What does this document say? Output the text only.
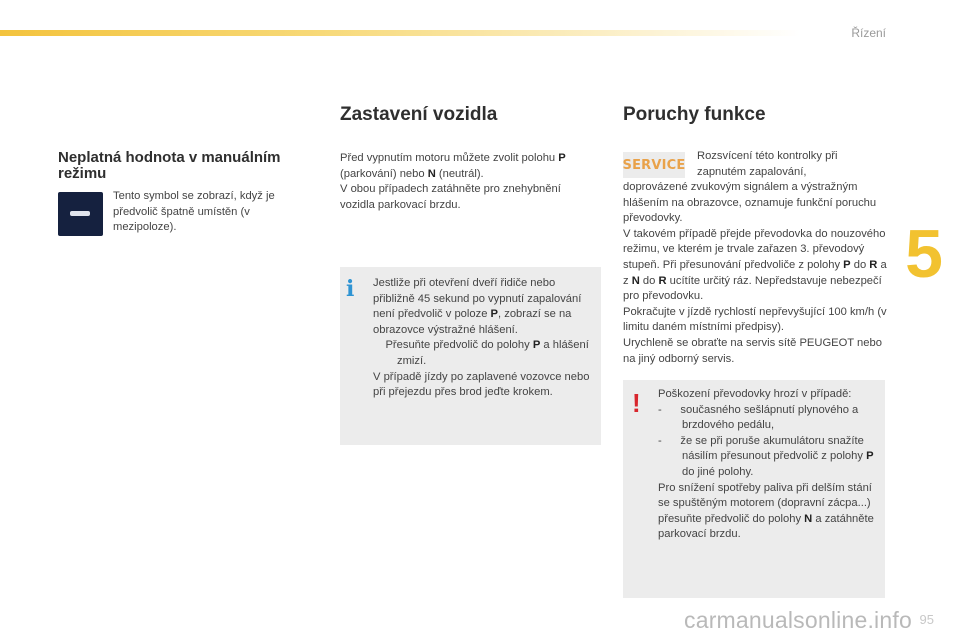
Řízení
5
Neplatná hodnota v manuálním režimu

Tento symbol se zobrazí, když je předvolič špatně umístěn (v mezipoloze).

Zastavení vozidla

Před vypnutím motoru můžete zvolit polohu P (parkování) nebo N (neutrál).
V obou případech zatáhněte pro znehybnění vozidla parkovací brzdu.

i Jestliže při otevření dveří řidiče nebo přibližně 45 sekund po vypnutí zapalování není předvolič v poloze P, zobrazí se na obrazovce výstražné hlášení.

Přesuňte předvolič do polohy P a hlášení zmizí.
V případě jízdy po zaplavené vozovce nebo při přejezdu přes brod jeďte krokem.

Poruchy funkce
SERVICE

Rozsvícení této kontrolky při zapnutém zapalování,

doprovázené zvukovým signálem a výstražným hlášením na obrazovce, oznamuje funkční poruchu převodovky.
V takovém případě přejde převodovka do nouzového režimu, ve kterém je trvale zařazen 3. převodový stupeň. Při přesunování předvoliče z polohy P do R a z N do R ucítíte určitý ráz. Nepředstavuje nebezpečí pro převodovku.
Pokračujte v jízdě rychlostí nepřevyšující 100 km/h (v limitu daném místními předpisy).
Urychleně se obraťte na servis sítě PEUGEOT nebo na jiný odborný servis.

! Poškození převodovky hrozí v případě:

-      současného sešlápnutí plynového a brzdového pedálu,
-      že se při poruše akumulátoru snažíte násilím přesunout předvolič z polohy P do jiné polohy.
Pro snížení spotřeby paliva při delším stání se spuštěným motorem (dopravní zácpa...) přesuňte předvolič do polohy N a zatáhněte parkovací brzdu.

95
carmanualsonline.info
